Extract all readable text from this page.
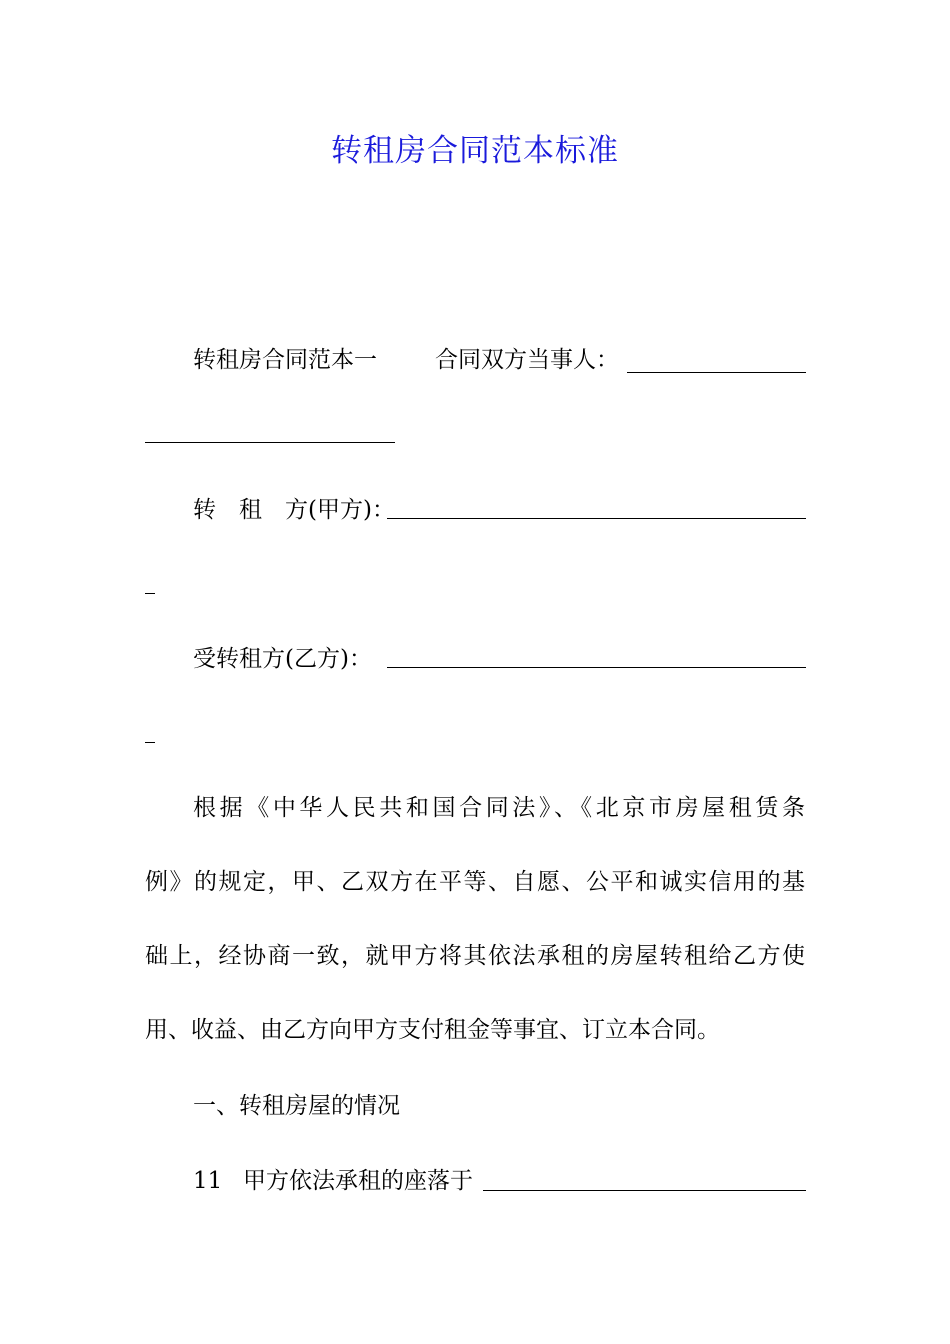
转租房合同范本标准

转租房合同范本一	合同双方当事人：

转　租　方(甲方)：

受转租方(乙方)：

根据《中华人民共和国合同法》、《北京市房屋租赁条
例》的规定，甲、乙双方在平等、自愿、公平和诚实信用的基
础上，经协商一致，就甲方将其依法承租的房屋转租给乙方使
用、收益、由乙方向甲方支付租金等事宜、订立本合同。

一、转租房屋的情况

11 甲方依法承租的座落于
